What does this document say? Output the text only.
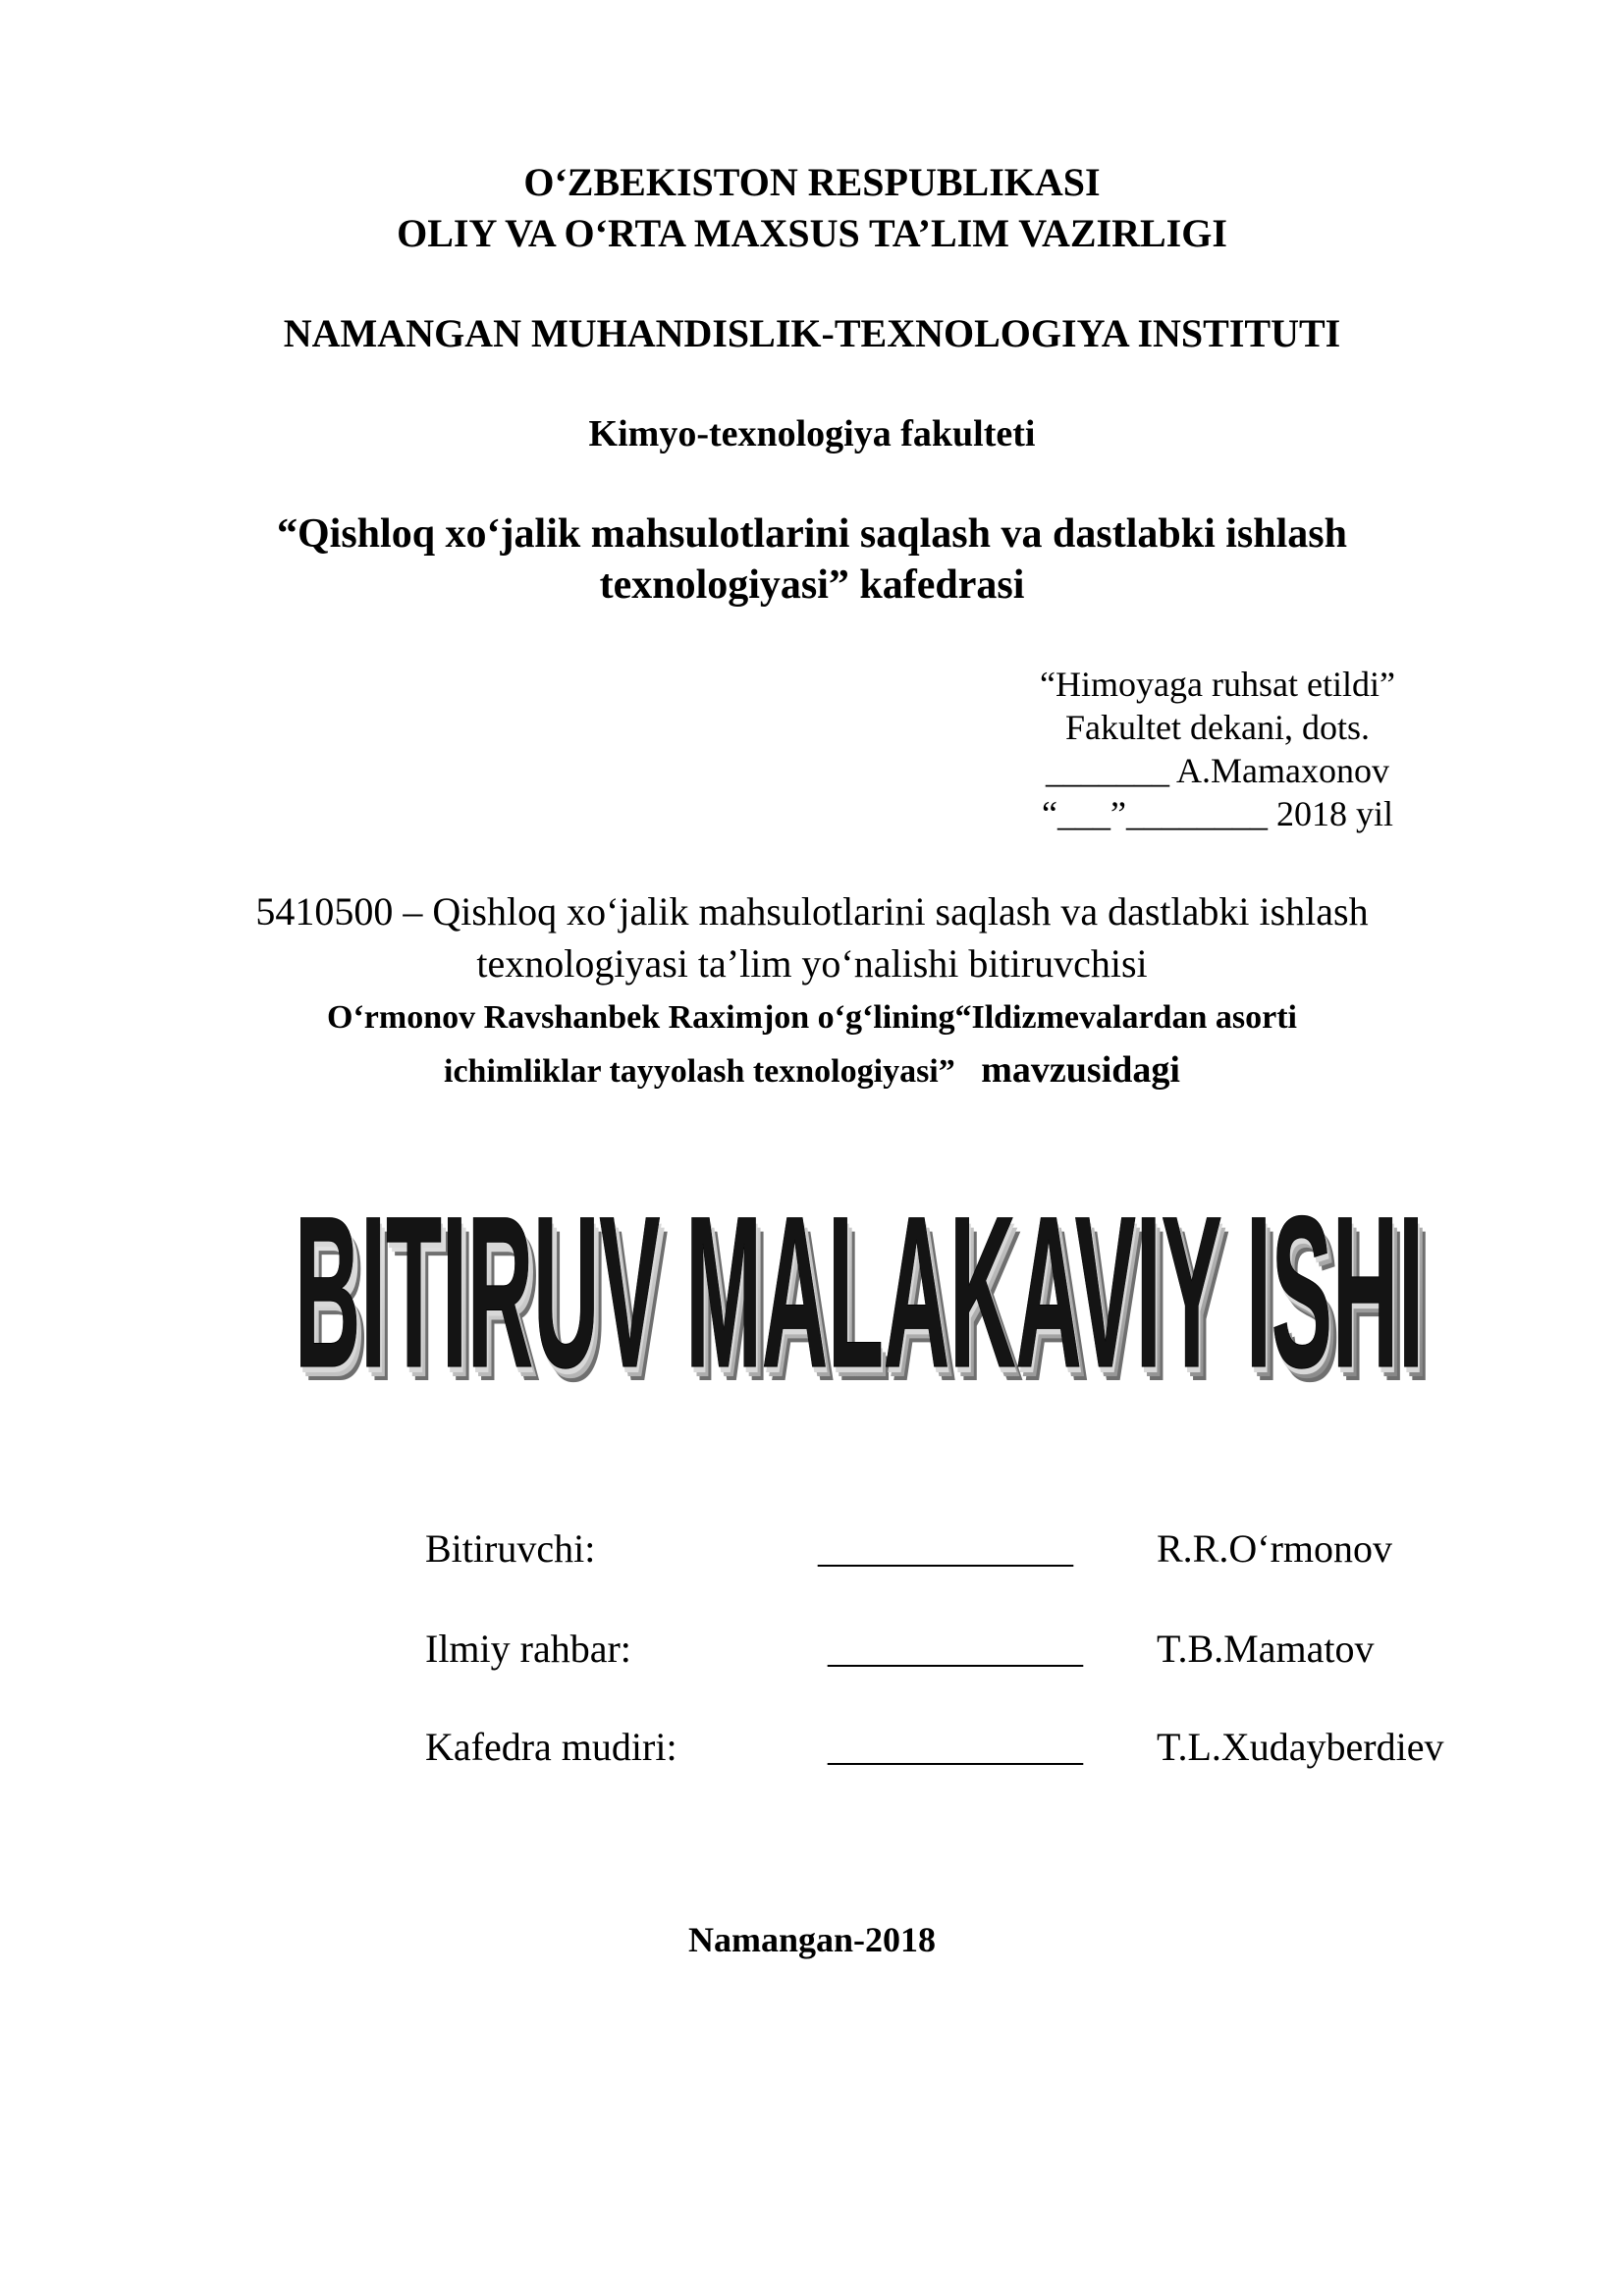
O‘ZBEKISTON RESPUBLIKASI
OLIY VA O‘RTA MAXSUS TA’LIM VAZIRLIGI
NAMANGAN MUHANDISLIK-TEXNOLOGIYA INSTITUTI
Kimyo-texnologiya fakulteti
“Qishloq xo‘jalik mahsulotlarini saqlash va dastlabki ishlash
texnologiyasi” kafedrasi
“Himoyaga ruhsat etildi”
Fakultet dekani, dots.
_______ A.Mamaxonov
“___”________ 2018 yil
5410500 – Qishloq xo‘jalik mahsulotlarini saqlash va dastlabki ishlash
texnologiyasi ta’lim yo‘nalishi bitiruvchisi
O‘rmonov Ravshanbek Raximjon o‘g‘lining“Ildizmevalardan asorti
ichimliklar tayyolash texnologiyasi” mavzusidagi
BITIRUV MALAKAVIY ISHI
BITIRUV MALAKAVIY ISHI
BITIRUV MALAKAVIY ISHI
BITIRUV MALAKAVIY ISHI
Bitiruvchi:	_____________ R.R.O‘rmonov
Ilmiy rahbar:	_____________ T.B.Mamatov
Kafedra mudiri:	_____________ T.L.Xudayberdiev
Namangan-2018
